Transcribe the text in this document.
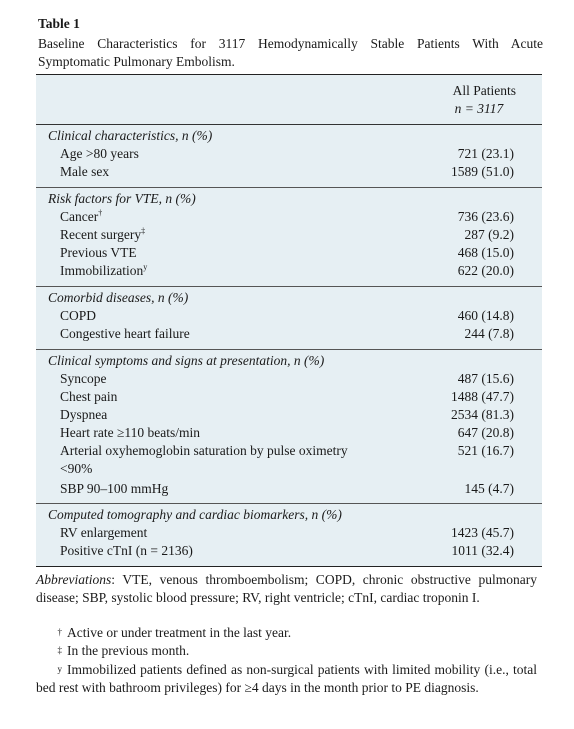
Table 1
Baseline Characteristics for 3117 Hemodynamically Stable Patients With Acute Symptomatic Pulmonary Embolism.
All Patients
n = 3117
Clinical characteristics, n (%)
Age >80 years	721 (23.1)
Male sex	1589 (51.0)
Risk factors for VTE, n (%)
Cancer†	736 (23.6)
Recent surgery‡	287 (9.2)
Previous VTE	468 (15.0)
Immobilization$^y$	622 (20.0)
Comorbid diseases, n (%)
COPD	460 (14.8)
Congestive heart failure	244 (7.8)
Clinical symptoms and signs at presentation, n (%)
Syncope	487 (15.6)
Chest pain	1488 (47.7)
Dyspnea	2534 (81.3)
Heart rate ≥110 beats/min	647 (20.8)
Arterial oxyhemoglobin saturation by pulse oximetry	521 (16.7)
<90%
SBP 90–100 mmHg	145 (4.7)
Computed tomography and cardiac biomarkers, n (%)
RV enlargement	1423 (45.7)
Positive cTnI (n = 2136)	1011 (32.4)
Abbreviations: VTE, venous thromboembolism; COPD, chronic obstructive pulmonary disease; SBP, systolic blood pressure; RV, right ventricle; cTnI, cardiac troponin I.
† Active or under treatment in the last year.
‡ In the previous month.
y Immobilized patients defined as non-surgical patients with limited mobility (i.e., total bed rest with bathroom privileges) for ≥4 days in the month prior to PE diagnosis.
